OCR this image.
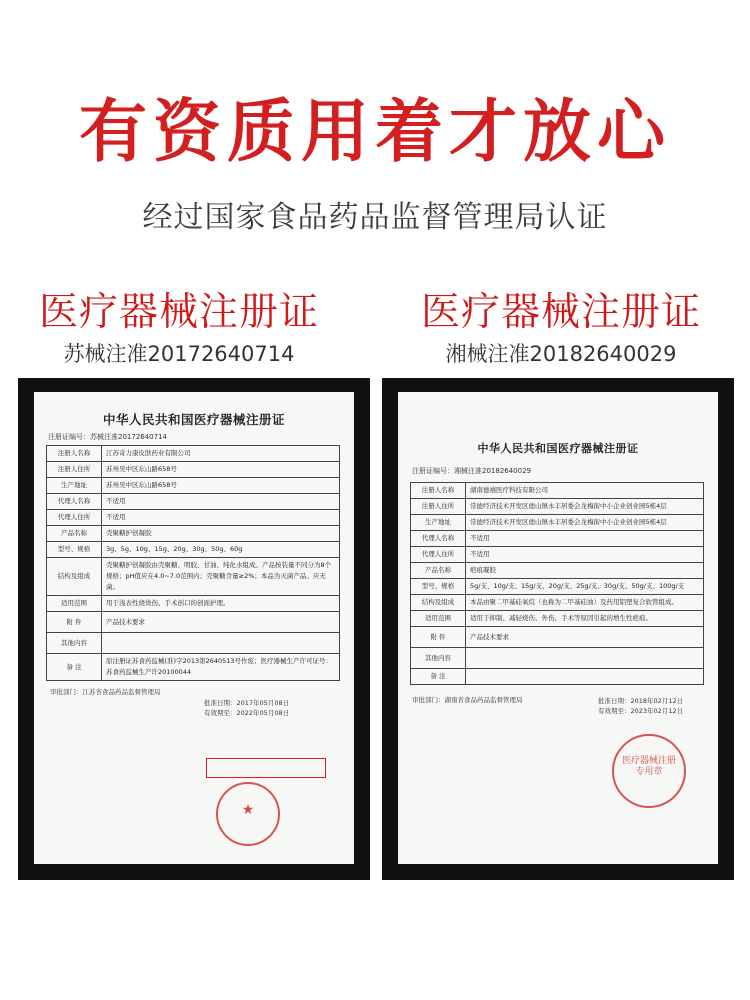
有资质用着才放心
经过国家食品药品监督管理局认证
医疗器械注册证
苏械注准20172640714
医疗器械注册证
湘械注准20182640029
中华人民共和国医疗器械注册证
注册证编号：苏械注准20172640714
注册人名称	江苏奇力康皮肤药业有限公司
注册人住所	苏州吴中区东山路658号
生产地址	苏州吴中区东山路658号
代理人名称	不适用
代理人住所	不适用
产品名称	壳聚糖护创凝胶
型号、规格	3g、5g、10g、15g、20g、30g、50g、60g
结构及组成	壳聚糖护创凝胶由壳聚糖、明胶、甘油、纯化水组成。产品按装量不同分为8个规格；pH值应在4.0~7.0范围内；壳聚糖含量≥2%；本品为灭菌产品。应无菌。
适用范围	用于浅表性烧烫伤、手术创口的创面护理。
附 件	产品技术要求
其他内容	
备 注	原注册证苏食药监械(准)字2013第2640513号作废；医疗器械生产许可证号：苏食药监械生产许20100044
审批部门：江苏省食品药品监督管理局
批准日期：2017年05月08日
有效期至：2022年05月08日
★
中华人民共和国医疗器械注册证
注册证编号：湘械注准20182640029
注册人名称	湖南德禧医疗科技有限公司
注册人住所	常德经济技术开发区德山镇永丰居委会龙梅街中小企业创业园5栋4层
生产地址	常德经济技术开发区德山镇永丰居委会龙梅街中小企业创业园5栋4层
代理人名称	不适用
代理人住所	不适用
产品名称	疤痕凝胶
型号、规格	5g/支、10g/支、15g/支、20g/支、25g/支、30g/支、50g/支、100g/支
结构及组成	本品由聚二甲基硅氧烷（也称为二甲基硅油）及药用铝塑复合软管组成。
适用范围	适用于抑制、减轻烧伤、外伤、手术等原因引起的增生性疤痕。
附 件	产品技术要求
其他内容	
备 注	
审批部门：湖南省食品药品监督管理局	批准日期：2018年02月12日
有效期至：2023年02月12日
医疗器械注册专用章
